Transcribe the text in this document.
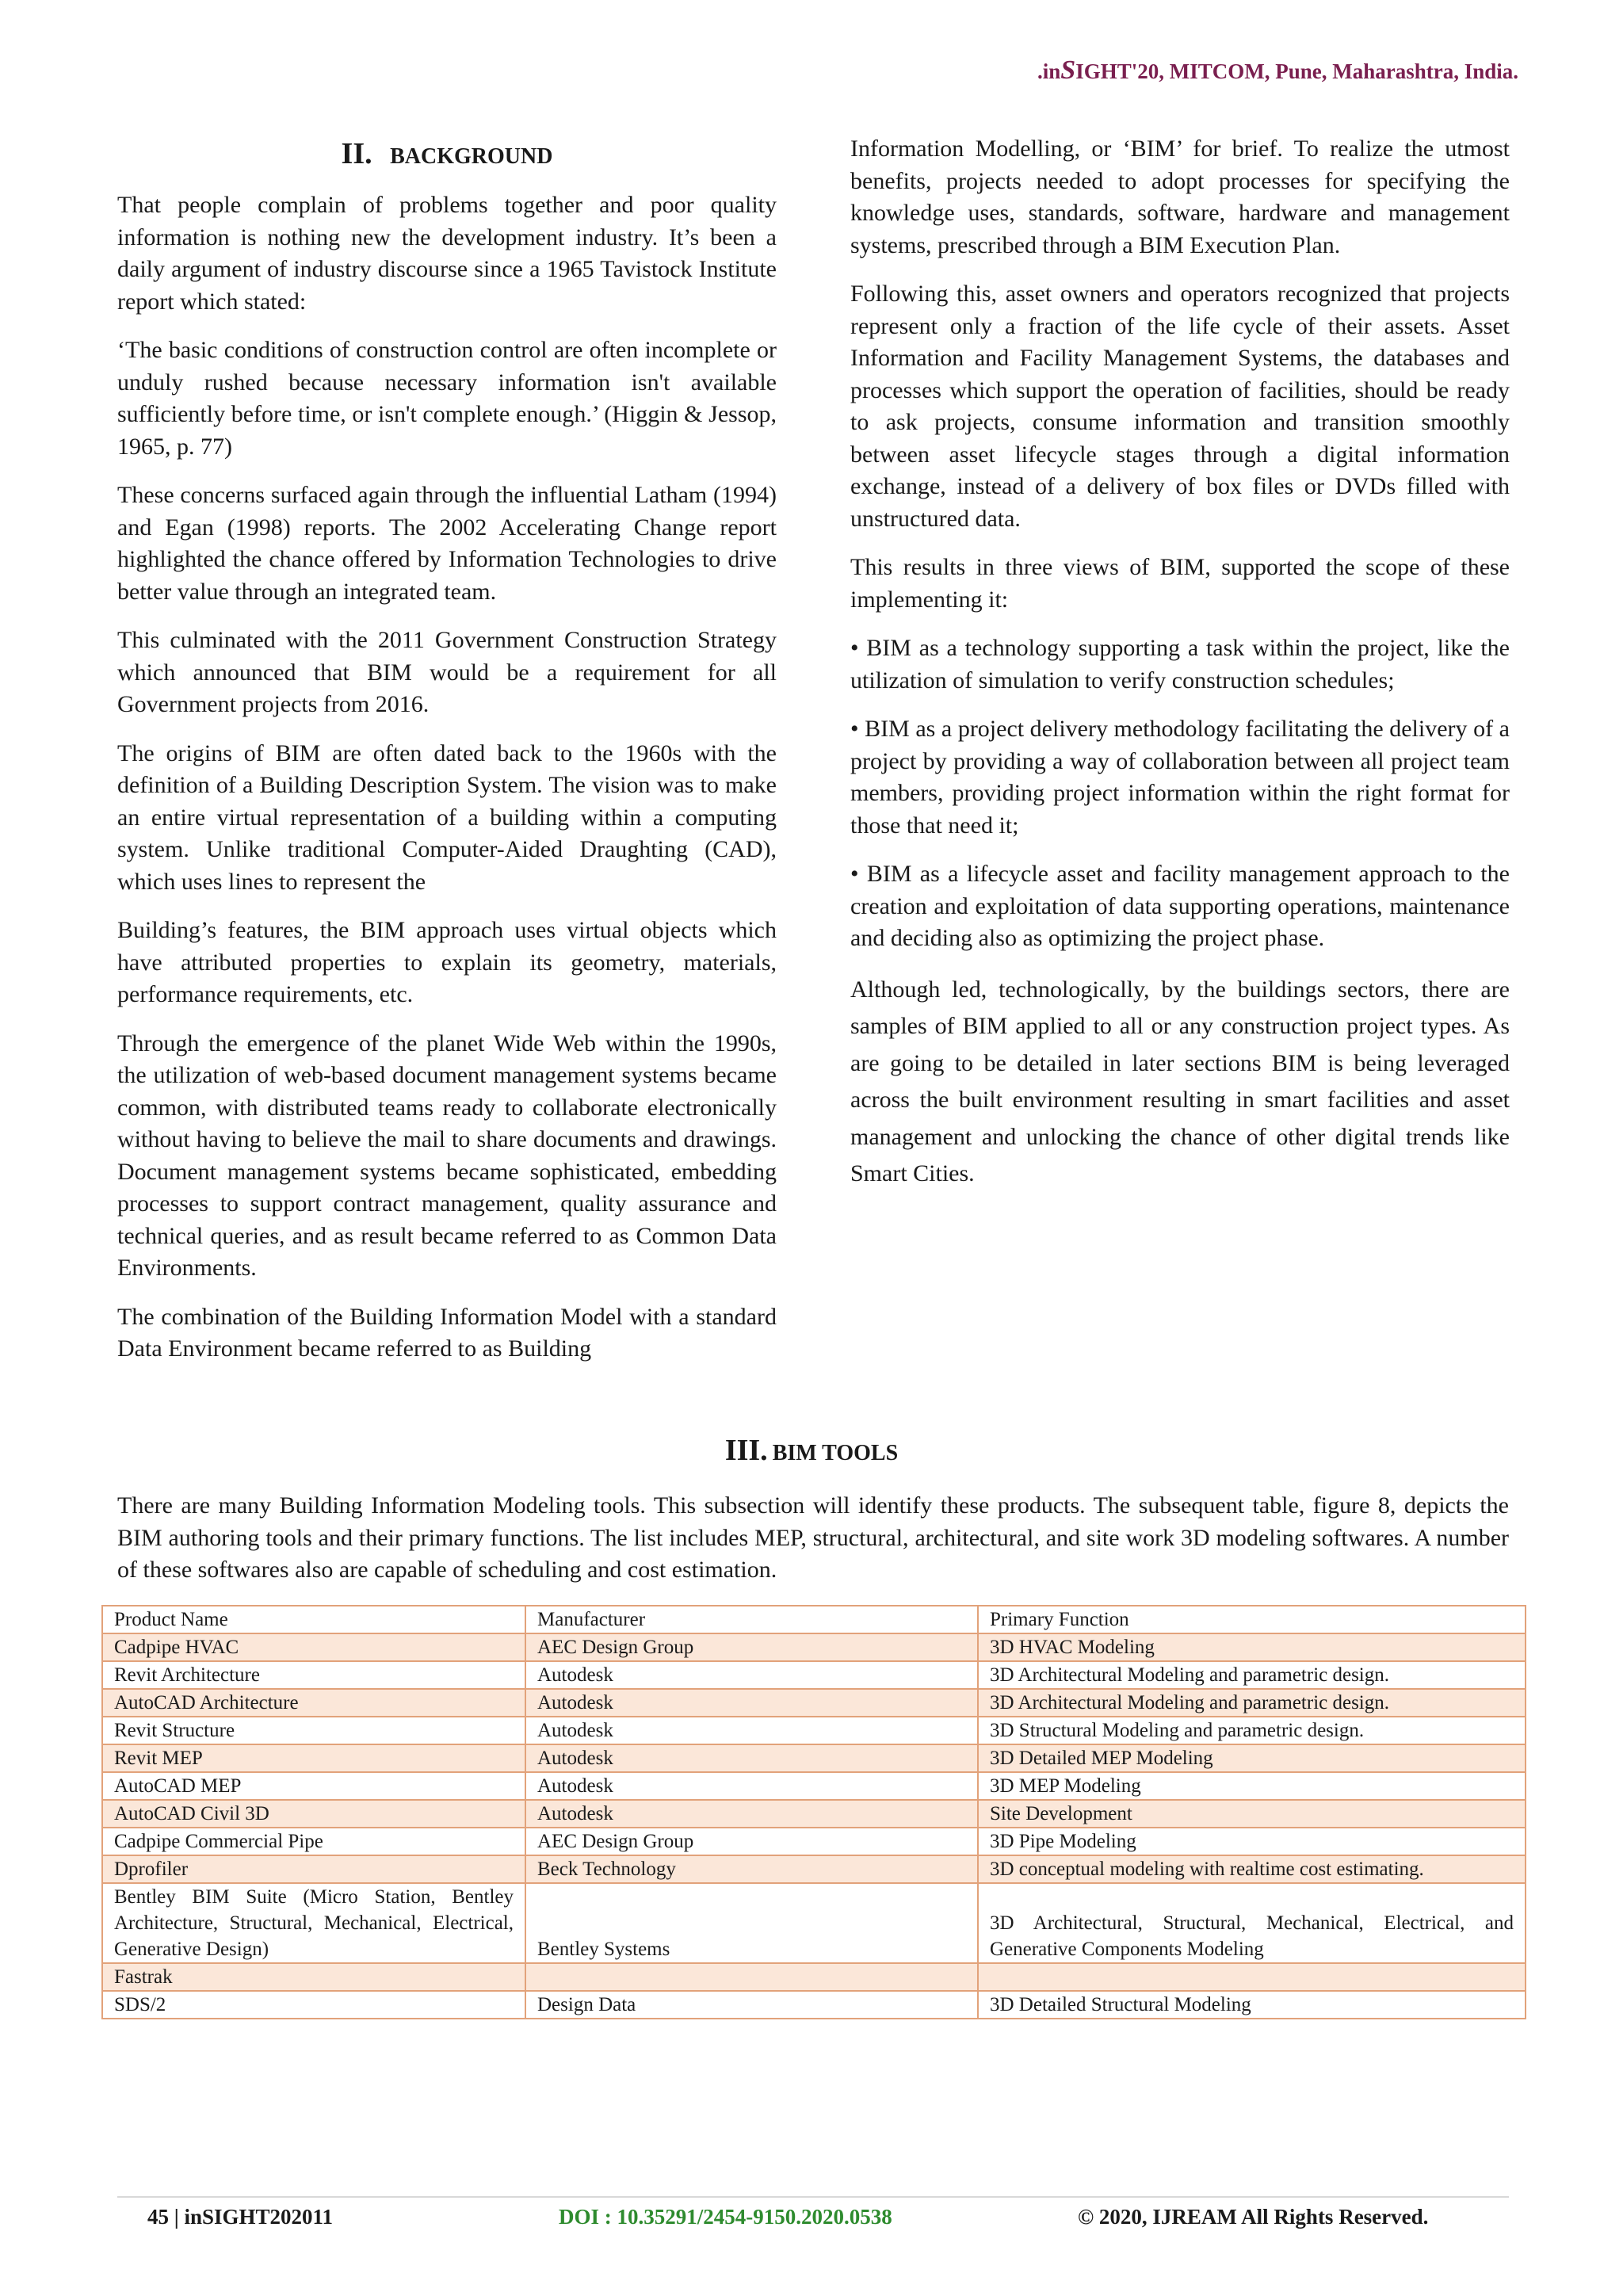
.inSIGHT'20, MITCOM, Pune, Maharashtra, India.
II. BACKGROUND

That people complain of problems together and poor quality information is nothing new the development industry. It’s been a daily argument of industry discourse since a 1965 Tavistock Institute report which stated:

‘The basic conditions of construction control are often incomplete or unduly rushed because necessary information isn't available sufficiently before time, or isn't complete enough.’ (Higgin & Jessop, 1965, p. 77)

These concerns surfaced again through the influential Latham (1994) and Egan (1998) reports. The 2002 Accelerating Change report highlighted the chance offered by Information Technologies to drive better value through an integrated team.

This culminated with the 2011 Government Construction Strategy which announced that BIM would be a requirement for all Government projects from 2016.

The origins of BIM are often dated back to the 1960s with the definition of a Building Description System. The vision was to make an entire virtual representation of a building within a computing system. Unlike traditional Computer-Aided Draughting (CAD), which uses lines to represent the

Building’s features, the BIM approach uses virtual objects which have attributed properties to explain its geometry, materials, performance requirements, etc.

Through the emergence of the planet Wide Web within the 1990s, the utilization of web-based document management systems became common, with distributed teams ready to collaborate electronically without having to believe the mail to share documents and drawings. Document management systems became sophisticated, embedding processes to support contract management, quality assurance and technical queries, and as result became referred to as Common Data Environments.

The combination of the Building Information Model with a standard Data Environment became referred to as Building

Information Modelling, or ‘BIM’ for brief. To realize the utmost benefits, projects needed to adopt processes for specifying the knowledge uses, standards, software, hardware and management systems, prescribed through a BIM Execution Plan.

Following this, asset owners and operators recognized that projects represent only a fraction of the life cycle of their assets. Asset Information and Facility Management Systems, the databases and processes which support the operation of facilities, should be ready to ask projects, consume information and transition smoothly between asset lifecycle stages through a digital information exchange, instead of a delivery of box files or DVDs filled with unstructured data.

This results in three views of BIM, supported the scope of these implementing it:

• BIM as a technology supporting a task within the project, like the utilization of simulation to verify construction schedules;

• BIM as a project delivery methodology facilitating the delivery of a project by providing a way of collaboration between all project team members, providing project information within the right format for those that need it;

• BIM as a lifecycle asset and facility management approach to the creation and exploitation of data supporting operations, maintenance and deciding also as optimizing the project phase.

Although led, technologically, by the buildings sectors, there are samples of BIM applied to all or any construction project types. As are going to be detailed in later sections BIM is being leveraged across the built environment resulting in smart facilities and asset management and unlocking the chance of other digital trends like Smart Cities.

III. BIM TOOLS

There are many Building Information Modeling tools. This subsection will identify these products. The subsequent table, figure 8, depicts the BIM authoring tools and their primary functions. The list includes MEP, structural, architectural, and site work 3D modeling softwares. A number of these softwares also are capable of scheduling and cost estimation.

Product Name	Manufacturer	Primary Function
Cadpipe HVAC	AEC Design Group	3D HVAC Modeling
Revit Architecture	Autodesk	3D Architectural Modeling and parametric design.
AutoCAD Architecture	Autodesk	3D Architectural Modeling and parametric design.
Revit Structure	Autodesk	3D Structural Modeling and parametric design.
Revit MEP	Autodesk	3D Detailed MEP Modeling
AutoCAD MEP	Autodesk	3D MEP Modeling
AutoCAD Civil 3D	Autodesk	Site Development
Cadpipe Commercial Pipe	AEC Design Group	3D Pipe Modeling
Dprofiler	Beck Technology	3D conceptual modeling with realtime cost estimating.
Bentley BIM Suite (Micro Station, Bentley Architecture, Structural, Mechanical, Electrical, Generative Design)	Bentley Systems	3D Architectural, Structural, Mechanical, Electrical, and Generative Components Modeling
Fastrak		
SDS/2	Design Data	3D Detailed Structural Modeling
45 | inSIGHT202011	DOI : 10.35291/2454-9150.2020.0538	© 2020, IJREAM All Rights Reserved.
